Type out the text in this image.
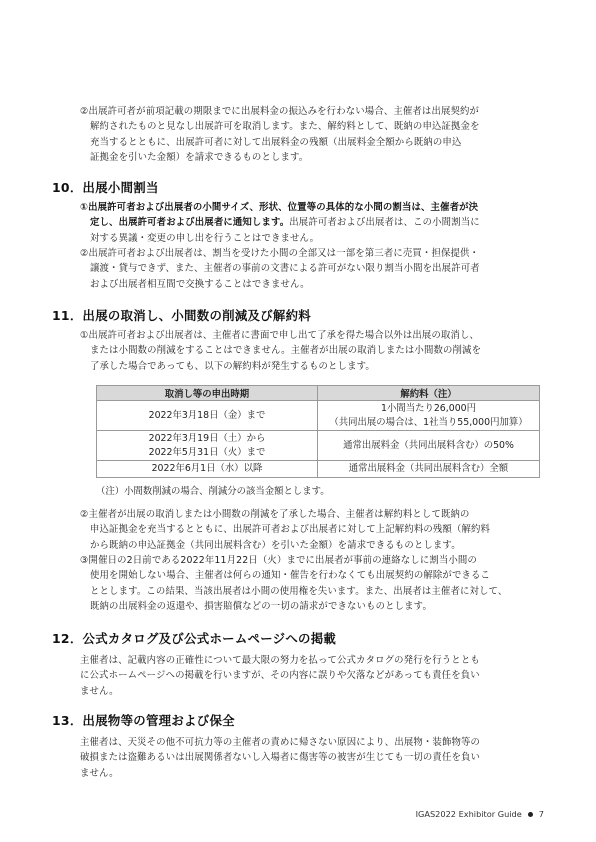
②出展許可者が前項記載の期限までに出展料金の振込みを行わない場合、主催者は出展契約が
解約されたものと見なし出展許可を取消します。また、解約料として、既納の申込証拠金を
充当するとともに、出展許可者に対して出展料金の残額（出展料金全額から既納の申込
証拠金を引いた金額）を請求できるものとします。
10．出展小間割当
①出展許可者および出展者の小間サイズ、形状、位置等の具体的な小間の割当は、主催者が決
定し、出展許可者および出展者に通知します。出展許可者および出展者は、この小間割当に
対する異議・変更の申し出を行うことはできません。
②出展許可者および出展者は、割当を受けた小間の全部又は一部を第三者に売買・担保提供・
譲渡・貸与できず、また、主催者の事前の文書による許可がない限り割当小間を出展許可者
および出展者相互間で交換することはできません。
11．出展の取消し、小間数の削減及び解約料
①出展許可者および出展者は、主催者に書面で申し出て了承を得た場合以外は出展の取消し、
または小間数の削減をすることはできません。主催者が出展の取消しまたは小間数の削減を
了承した場合であっても、以下の解約料が発生するものとします。
取消し等の申出時期	解約料（注）
2022年3月18日（金）まで	1小間当たり26,000円
（共同出展の場合は、1社当り55,000円加算）

2022年3月19日（土）から
2022年5月31日（火）まで	通常出展料金（共同出展料含む）の50%
2022年6月1日（水）以降	通常出展料金（共同出展料含む）全額
（注）小間数削減の場合、削減分の該当金額とします。
②主催者が出展の取消しまたは小間数の削減を了承した場合、主催者は解約料として既納の
申込証拠金を充当するとともに、出展許可者および出展者に対して上記解約料の残額（解約料
から既納の申込証拠金（共同出展料含む）を引いた金額）を請求できるものとします。
③開催日の2日前である2022年11月22日（火）までに出展者が事前の連絡なしに割当小間の
使用を開始しない場合、主催者は何らの通知・催告を行わなくても出展契約の解除ができるこ
ととします。この結果、当該出展者は小間の使用権を失います。また、出展者は主催者に対して、
既納の出展料金の返還や、損害賠償などの一切の請求ができないものとします。
12．公式カタログ及び公式ホームページへの掲載
主催者は、記載内容の正確性について最大限の努力を払って公式カタログの発行を行うととも
に公式ホームページへの掲載を行いますが、その内容に誤りや欠落などがあっても責任を負い
ません。
13．出展物等の管理および保全
主催者は、天災その他不可抗力等の主催者の責めに帰さない原因により、出展物・装飾物等の
破損または盗難あるいは出展関係者ないし入場者に傷害等の被害が生じても一切の責任を負い
ません。
IGAS2022 Exhibitor Guide 7
